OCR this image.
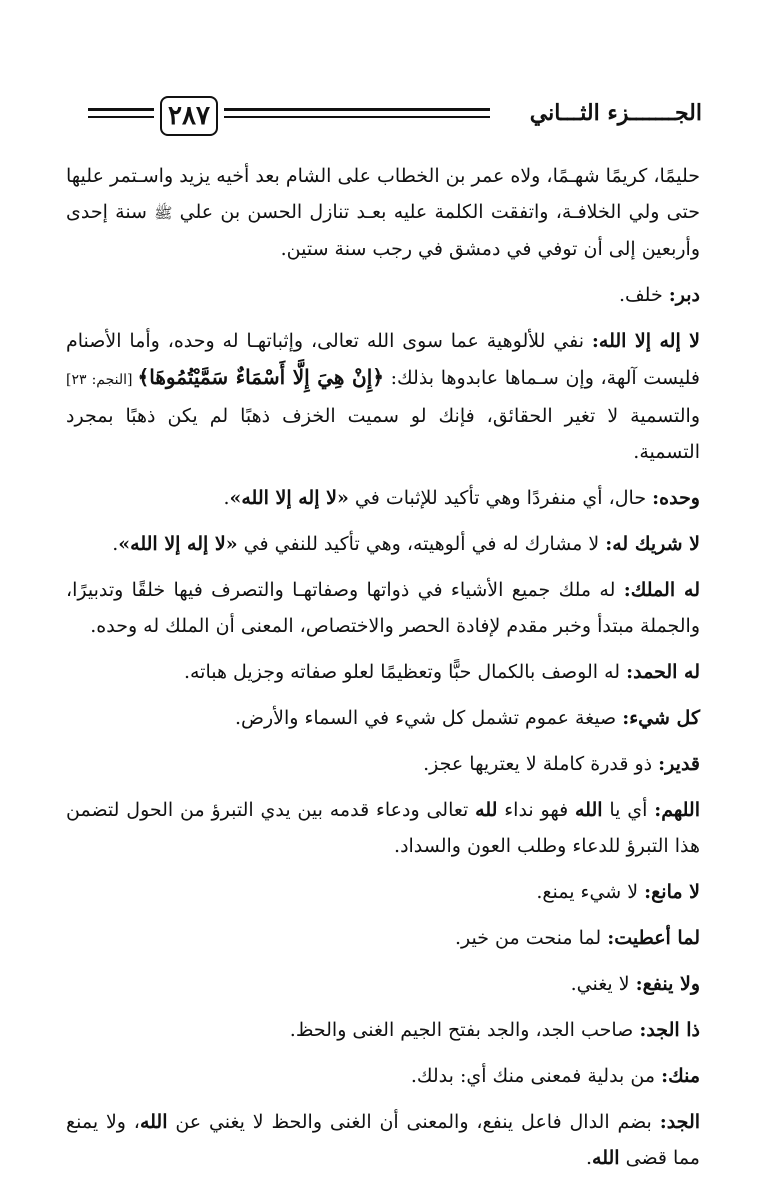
٢٨٧	الجـــــــزء الثـــاني

حليمًا، كريمًا شهـمًا، ولاه عمر بن الخطاب على الشام بعد أخيه يزيد واسـتمر عليها حتى ولي الخلافـة، واتفقت الكلمة عليه بعـد تنازل الحسن بن علي ﷺ سنة إحدى وأربعين إلى أن توفي في دمشق في رجب سنة ستين.

دبر: خلف.

لا إله إلا الله: نفي للألوهية عما سوى الله تعالى، وإثباتهـا له وحده، وأما الأصنام فليست آلهة، وإن سـماها عابدوها بذلك: ﴿إِنْ هِيَ إِلَّا أَسْمَاءٌ سَمَّيْتُمُوهَا﴾ [النجم: ٢٣] والتسمية لا تغير الحقائق، فإنك لو سميت الخزف ذهبًا لم يكن ذهبًا بمجرد التسمية.

وحده: حال، أي منفردًا وهي تأكيد للإثبات في «لا إله إلا الله».

لا شريك له: لا مشارك له في ألوهيته، وهي تأكيد للنفي في «لا إله إلا الله».

له الملك: له ملك جميع الأشياء في ذواتها وصفاتهـا والتصرف فيها خلقًا وتدبيرًا، والجملة مبتدأ وخبر مقدم لإفادة الحصر والاختصاص، المعنى أن الملك له وحده.

له الحمد: له الوصف بالكمال حبًّا وتعظيمًا لعلو صفاته وجزيل هباته.

كل شيء: صيغة عموم تشمل كل شيء في السماء والأرض.

قدير: ذو قدرة كاملة لا يعتريها عجز.

اللهم: أي يا الله فهو نداء لله تعالى ودعاء قدمه بين يدي التبرؤ من الحول لتضمن هذا التبرؤ للدعاء وطلب العون والسداد.

لا مانع: لا شيء يمنع.

لما أعطيت: لما منحت من خير.

ولا ينفع: لا يغني.

ذا الجد: صاحب الجد، والجد بفتح الجيم الغنى والحظ.

منك: من بدلية فمعنى منك أي: بدلك.

الجد: بضم الدال فاعل ينفع، والمعنى أن الغنى والحظ لا يغني عن الله، ولا يمنع مما قضى الله.
